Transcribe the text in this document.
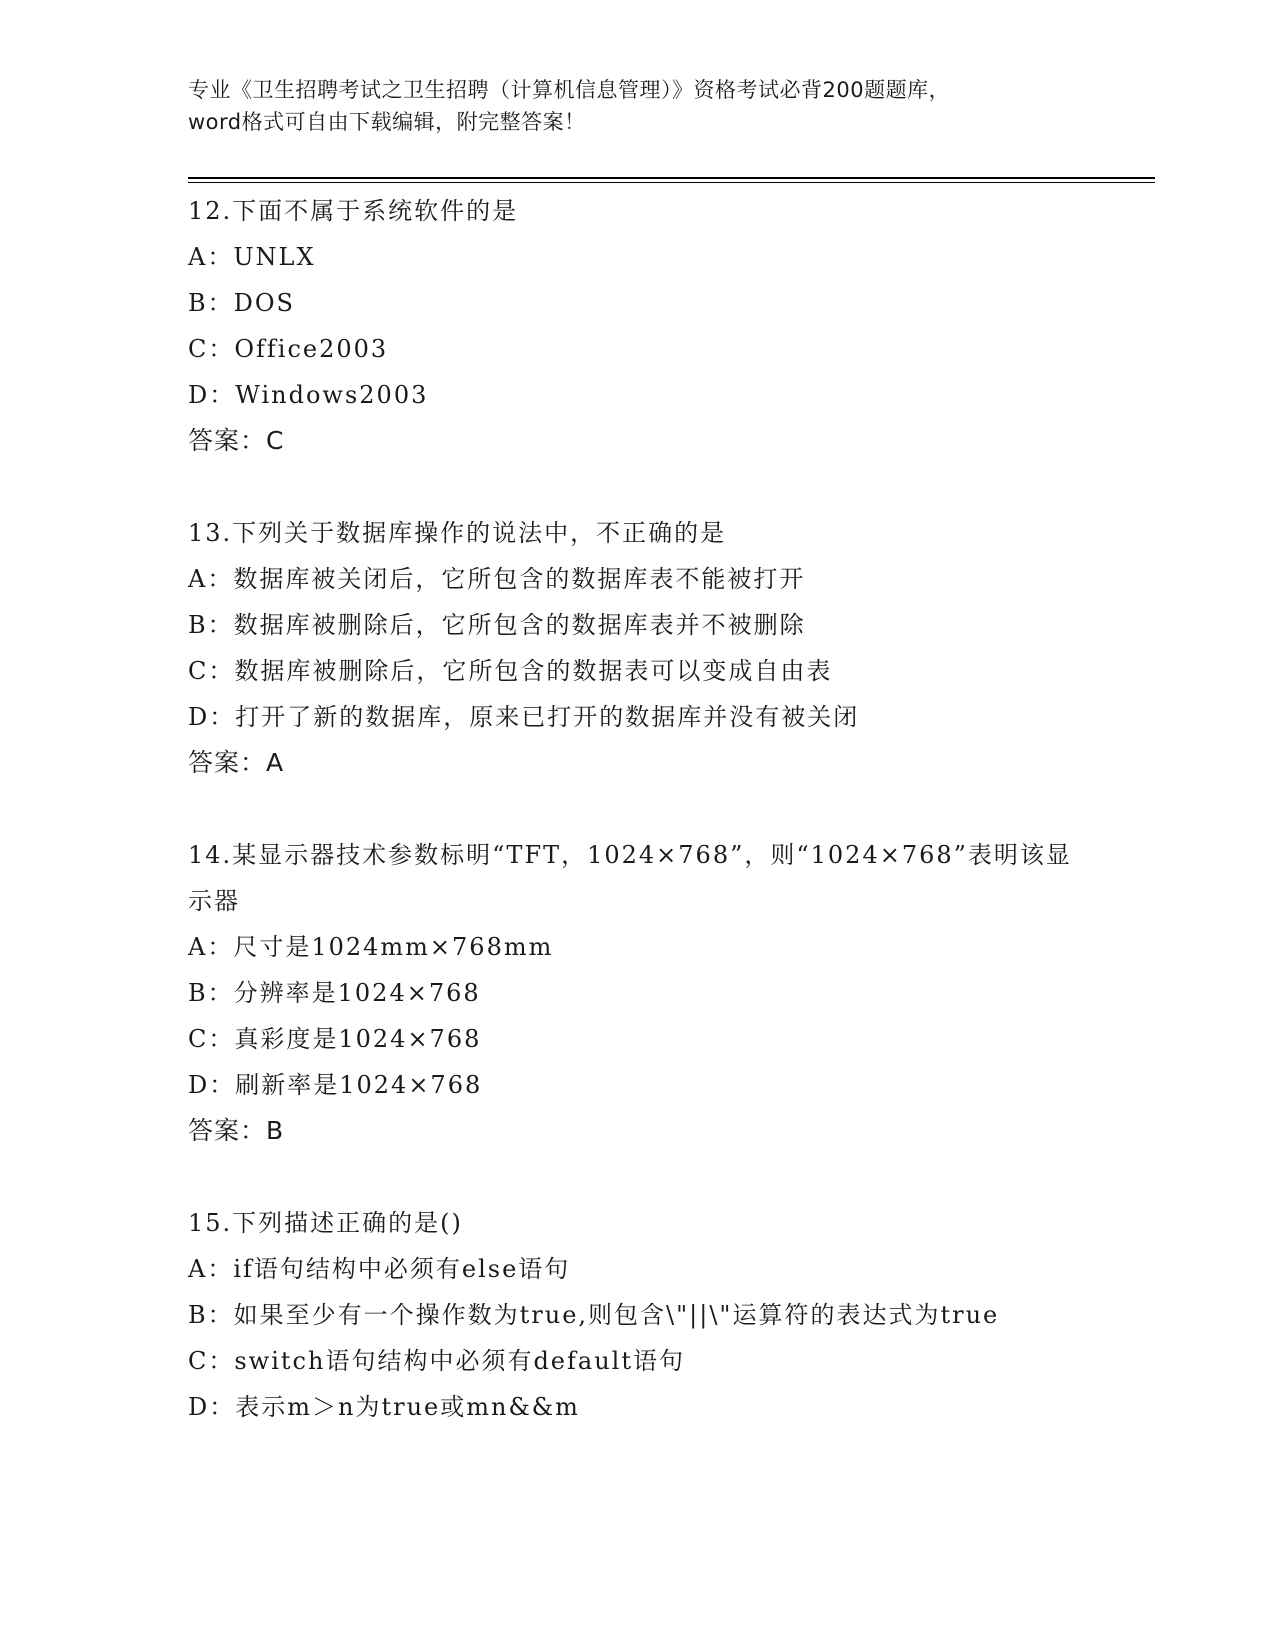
专业《卫生招聘考试之卫生招聘（计算机信息管理）》资格考试必背200题题库，
word格式可自由下载编辑，附完整答案！
12.下面不属于系统软件的是
A：UNLX
B：DOS
C：Office2003
D：Windows2003
答案：C
13.下列关于数据库操作的说法中，不正确的是
A：数据库被关闭后，它所包含的数据库表不能被打开
B：数据库被删除后，它所包含的数据库表并不被删除
C：数据库被删除后，它所包含的数据表可以变成自由表
D：打开了新的数据库，原来已打开的数据库并没有被关闭
答案：A
14.某显示器技术参数标明“TFT，1024×768”，则“1024×768”表明该显示器
A：尺寸是1024mm×768mm
B：分辨率是1024×768
C：真彩度是1024×768
D：刷新率是1024×768
答案：B
15.下列描述正确的是()
A：if语句结构中必须有else语句
B：如果至少有一个操作数为true,则包含\"||\"运算符的表达式为true
C：switch语句结构中必须有default语句
D：表示m＞n为true或mn&&m
